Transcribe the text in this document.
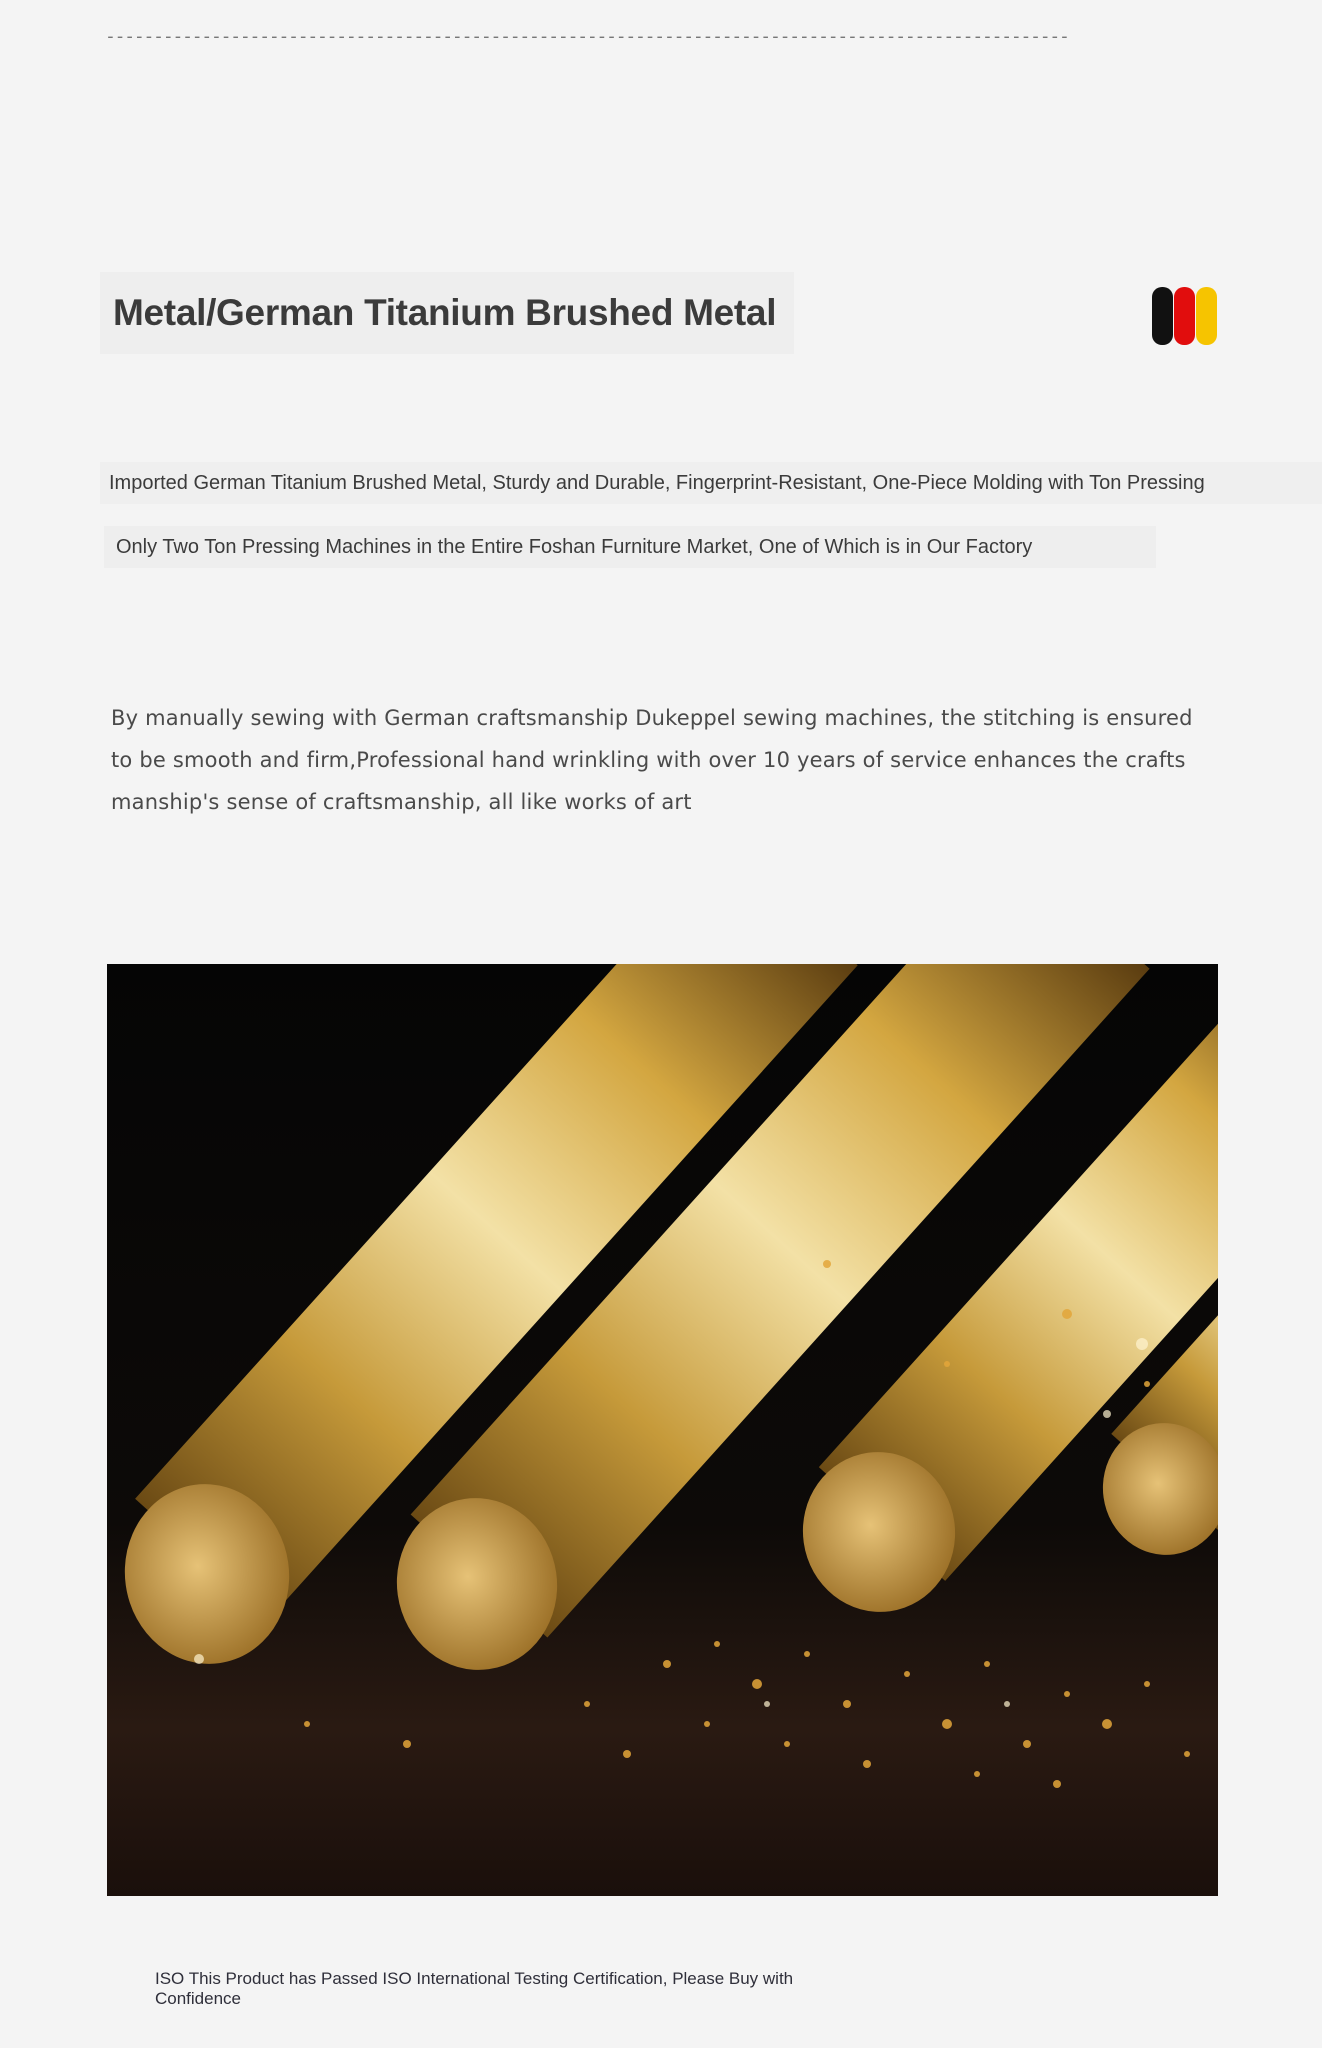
----------------------------------------------------------------------------------------------------
Metal/German Titanium Brushed Metal
Imported German Titanium Brushed Metal, Sturdy and Durable, Fingerprint-Resistant, One-Piece Molding with Ton Pressing
Only Two Ton Pressing Machines in the Entire Foshan Furniture Market, One of Which is in Our Factory
By manually sewing with German craftsmanship Dukeppel sewing machines, the stitching is ensured
to be smooth and firm,Professional hand wrinkling with over 10 years of service enhances the crafts
manship's sense of craftsmanship, all like works of art
ISO This Product has Passed ISO International Testing Certification, Please Buy with Confidence
